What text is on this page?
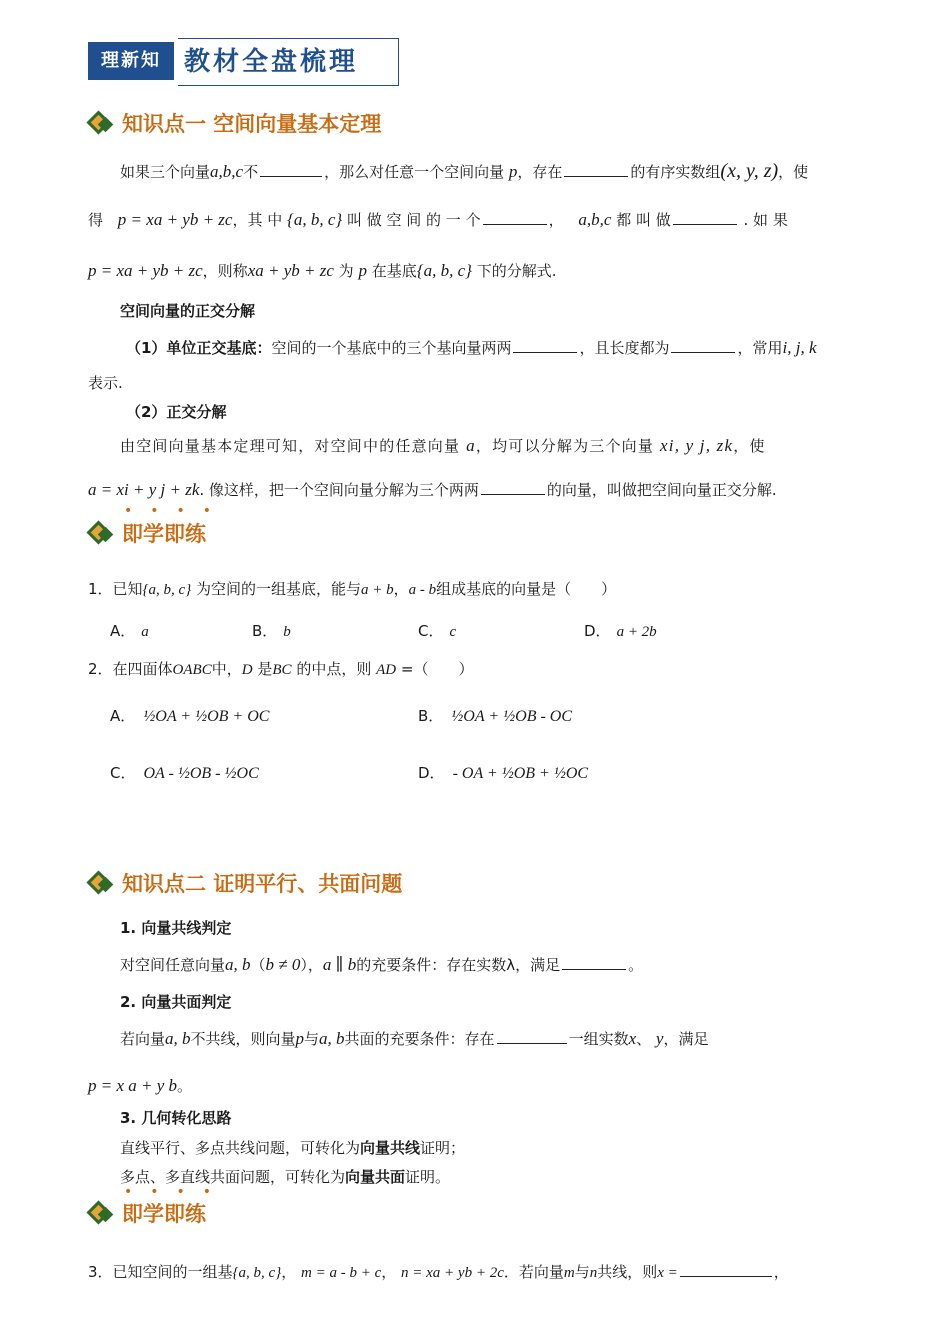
理新知 教材全盘梳理
知识点一 空间向量基本定理
如果三个向量a,b,c不	，那么对任意一个空间向量 p，存在	的有序实数组(x, y, z)，使
得 p = xa + yb + zc，其 中 {a, b, c} 叫 做 空 间 的 一 个	， a,b,c 都 叫 做	. 如 果
p = xa + yb + zc，则称xa + yb + zc 为 p 在基底{a, b, c} 下的分解式.
空间向量的正交分解
（1）单位正交基底：空间的一个基底中的三个基向量两两	，且长度都为	，常用i, j, k
表示.
（2）正交分解
由空间向量基本定理可知，对空间中的任意向量 a，均可以分解为三个向量 xi, y j, zk，使
a = xi + y j + zk. 像这样，把一个空间向量分解为三个两两	的向量，叫做把空间向量正交分解.
••••
即学即练
1．已知{a, b, c} 为空间的一组基底，能与a + b，a - b组成基底的向量是（　　）
A． a	B． b	C． c	D． a + 2b
2．在四面体OABC中，D 是BC 的中点，则 AD =（　　）
A． ½OA + ½OB + OC	B． ½OA + ½OB - OC
C． OA - ½OB - ½OC	D． - OA + ½OB + ½OC
知识点二 证明平行、共面问题
1. 向量共线判定
对空间任意向量a, b（b ≠ 0），a ∥ b的充要条件：存在实数λ，满足	。
2. 向量共面判定
若向量a, b不共线，则向量p与a, b共面的充要条件：存在	一组实数x、 y，满足
p = x a + y b。
3. 几何转化思路
直线平行、多点共线问题，可转化为向量共线证明；
多点、多直线共面问题，可转化为向量共面证明。
••••
即学即练
3．已知空间的一组基{a, b, c}， m = a - b + c， n = xa + yb + 2c．若向量m与n共线，则x =	，
